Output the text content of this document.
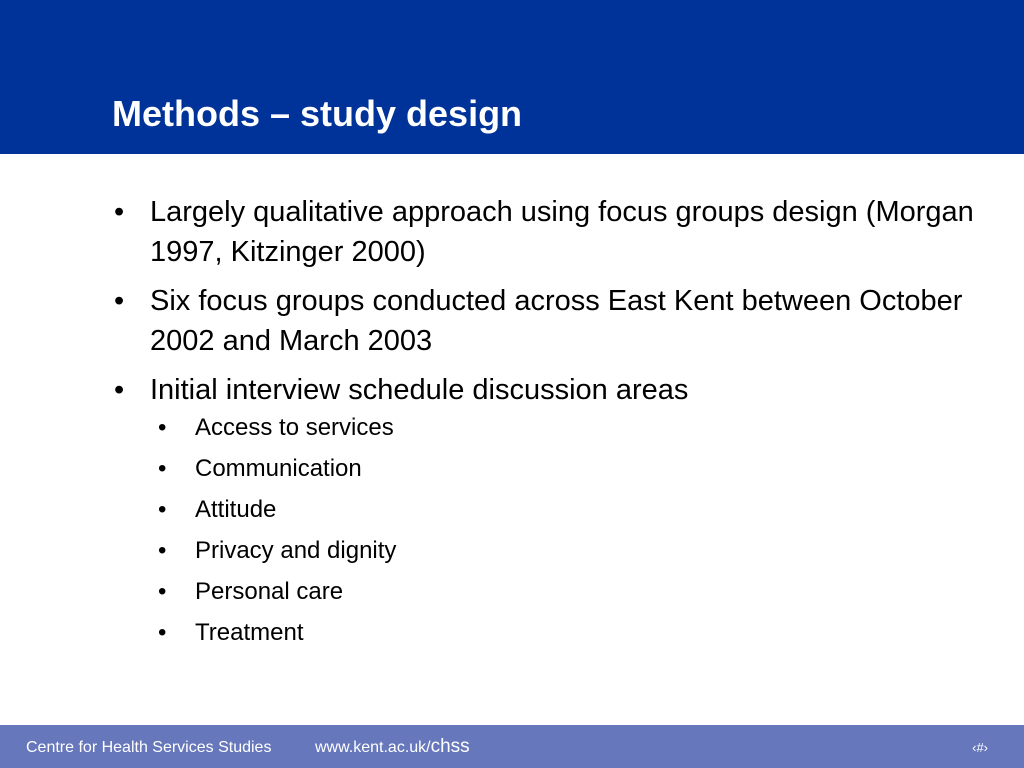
Methods – study design
• Largely qualitative approach using focus groups design (Morgan 1997, Kitzinger 2000)
• Six focus groups conducted across East Kent between October 2002 and March 2003
• Initial interview schedule discussion areas
• Access to services
• Communication
• Attitude
• Privacy and dignity
• Personal care
• Treatment
Centre for Health Services Studies	www.kent.ac.uk/chss	‹#›
